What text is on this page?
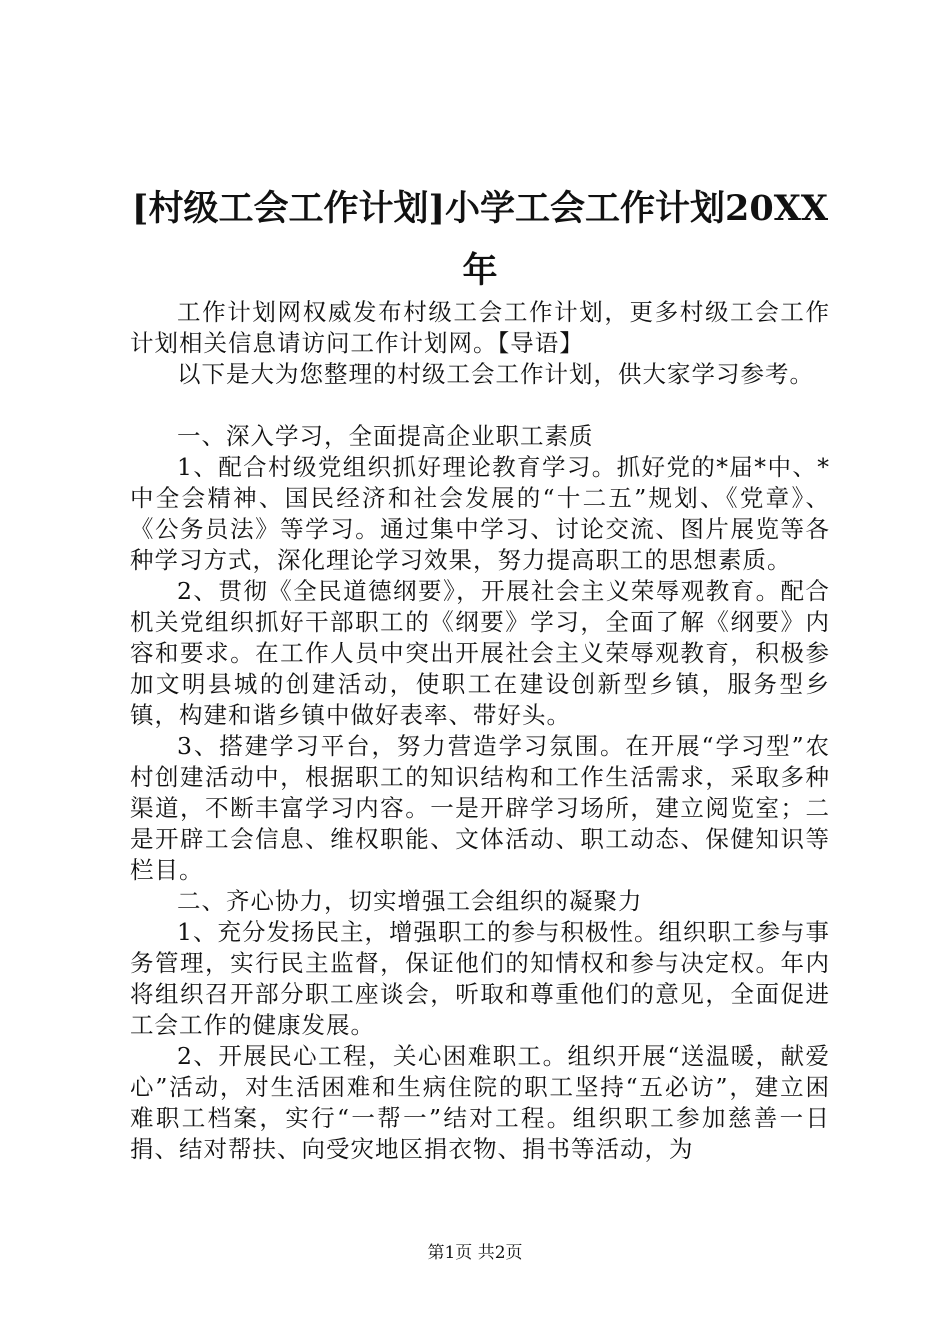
[村级工会工作计划]小学工会工作计划20XX年

工作计划网权威发布村级工会工作计划，更多村级工会工作计划相关信息请访问工作计划网。【导语】

以下是大为您整理的村级工会工作计划，供大家学习参考。

一、深入学习，全面提高企业职工素质

1、配合村级党组织抓好理论教育学习。抓好党的*届*中、*中全会精神、国民经济和社会发展的“十二五”规划、《党章》、《公务员法》等学习。通过集中学习、讨论交流、图片展览等各种学习方式，深化理论学习效果，努力提高职工的思想素质。

2、贯彻《全民道德纲要》，开展社会主义荣辱观教育。配合机关党组织抓好干部职工的《纲要》学习，全面了解《纲要》内容和要求。在工作人员中突出开展社会主义荣辱观教育，积极参加文明县城的创建活动，使职工在建设创新型乡镇，服务型乡镇，构建和谐乡镇中做好表率、带好头。

3、搭建学习平台，努力营造学习氛围。在开展“学习型”农村创建活动中，根据职工的知识结构和工作生活需求，采取多种渠道，不断丰富学习内容。一是开辟学习场所，建立阅览室；二是开辟工会信息、维权职能、文体活动、职工动态、保健知识等栏目。

二、齐心协力，切实增强工会组织的凝聚力

1、充分发扬民主，增强职工的参与积极性。组织职工参与事务管理，实行民主监督，保证他们的知情权和参与决定权。年内将组织召开部分职工座谈会，听取和尊重他们的意见，全面促进工会工作的健康发展。

2、开展民心工程，关心困难职工。组织开展“送温暖，献爱心”活动，对生活困难和生病住院的职工坚持“五必访”，建立困难职工档案，实行“一帮一”结对工程。组织职工参加慈善一日捐、结对帮扶、向受灾地区捐衣物、捐书等活动，为

第1页 共2页
